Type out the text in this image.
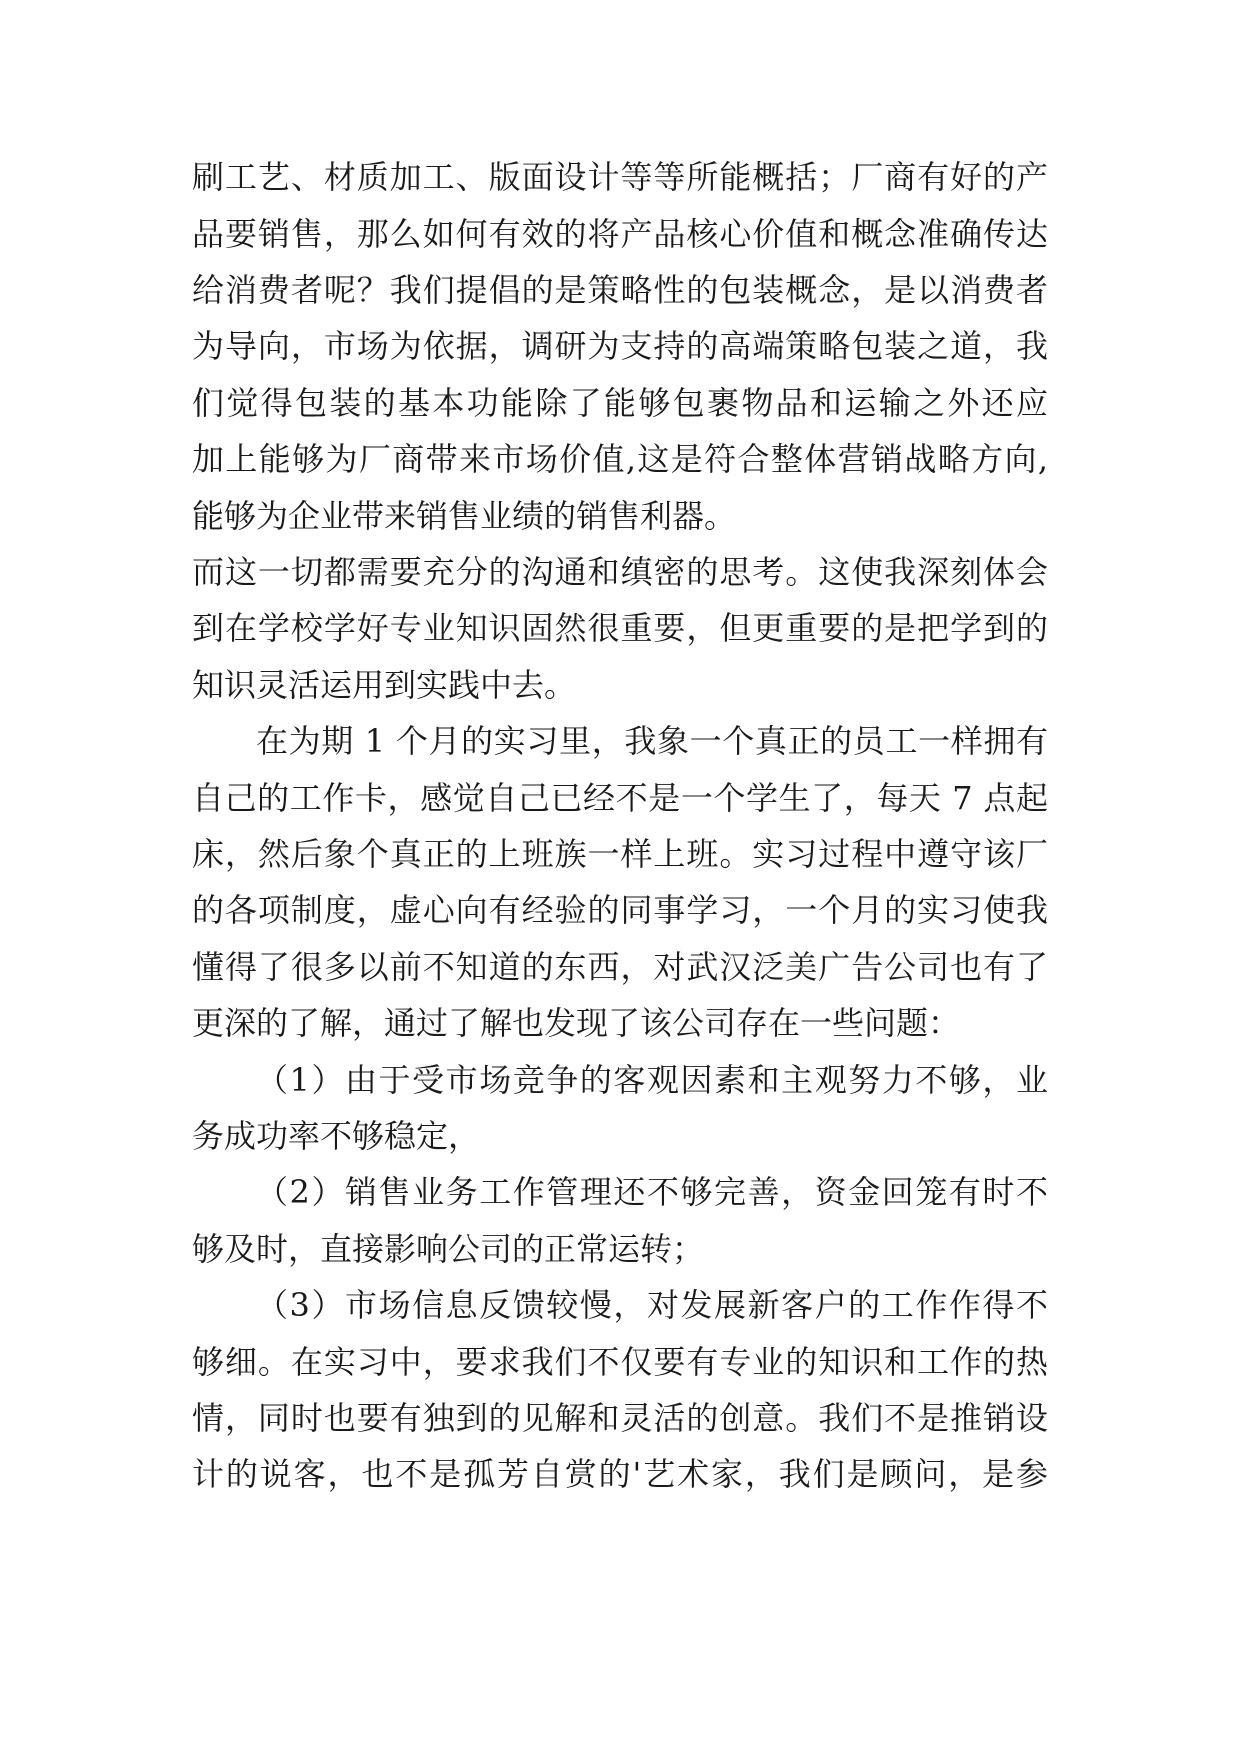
刷工艺、材质加工、版面设计等等所能概括；厂商有好的产
品要销售，那么如何有效的将产品核心价值和概念准确传达
给消费者呢？我们提倡的是策略性的包装概念，是以消费者
为导向，市场为依据，调研为支持的高端策略包装之道，我
们觉得包装的基本功能除了能够包裹物品和运输之外还应
加上能够为厂商带来市场价值,这是符合整体营销战略方向,
能够为企业带来销售业绩的销售利器。
而这一切都需要充分的沟通和缜密的思考。这使我深刻体会
到在学校学好专业知识固然很重要，但更重要的是把学到的
知识灵活运用到实践中去。
在为期 1 个月的实习里，我象一个真正的员工一样拥有
自己的工作卡，感觉自己已经不是一个学生了，每天 7 点起
床，然后象个真正的上班族一样上班。实习过程中遵守该厂
的各项制度，虚心向有经验的同事学习，一个月的实习使我
懂得了很多以前不知道的东西，对武汉泛美广告公司也有了
更深的了解，通过了解也发现了该公司存在一些问题：
（1）由于受市场竞争的客观因素和主观努力不够，业
务成功率不够稳定，
（2）销售业务工作管理还不够完善，资金回笼有时不
够及时，直接影响公司的正常运转；
（3）市场信息反馈较慢，对发展新客户的工作作得不
够细。在实习中，要求我们不仅要有专业的知识和工作的热
情，同时也要有独到的见解和灵活的创意。我们不是推销设
计的说客，也不是孤芳自赏的'艺术家，我们是顾问，是参
